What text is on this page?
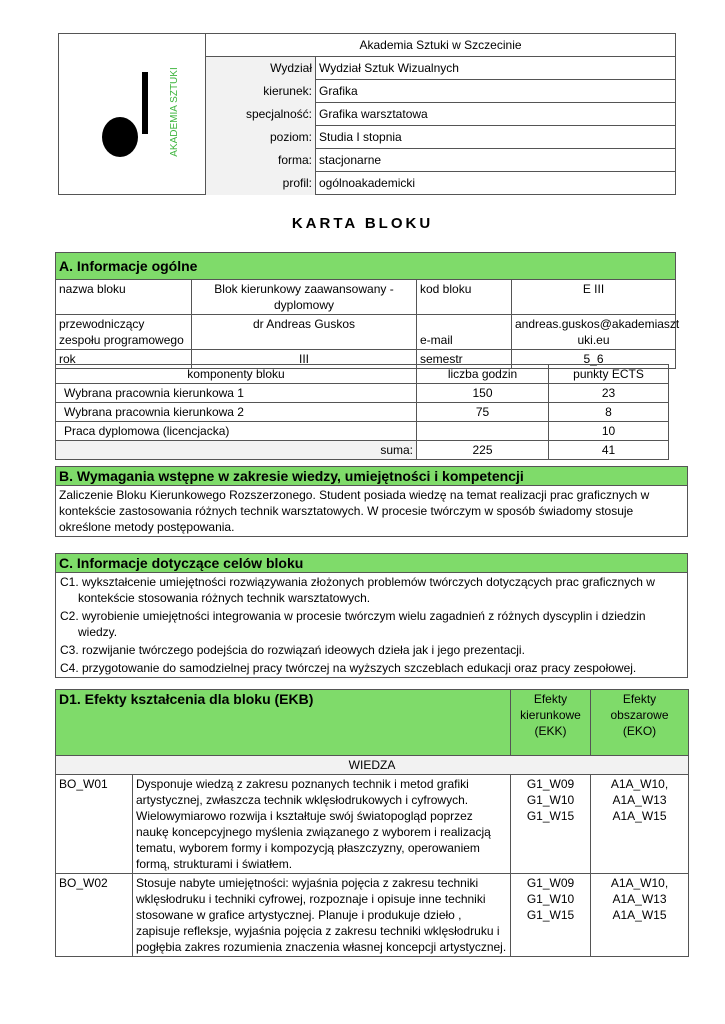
AKADEMIA SZTUKI	Akademia Sztuki w Szczecinie	
	Wydział	Wydział Sztuk Wizualnych
	kierunek:	Grafika
	specjalność:	Grafika warsztatowa
	poziom:	Studia I stopnia
	forma:	stacjonarne
	profil:	ogólnoakademicki
KARTA BLOKU
A. Informacje ogólne			
nazwa bloku	Blok kierunkowy zaawansowany - dyplomowy	kod bloku	E III
przewodniczący zespołu programowego	dr Andreas Guskos	e-mail	andreas.guskos@akademiaszt uki.eu
rok	III	semestr	5_6
komponenty bloku	liczba godzin	punkty ECTS
Wybrana pracownia kierunkowa 1	150	23
Wybrana pracownia kierunkowa 2	75	8
Praca dyplomowa (licencjacka)		10
suma:	225	41
B. Wymagania wstępne w zakresie wiedzy, umiejętności i kompetencji
Zaliczenie Bloku Kierunkowego Rozszerzonego. Student posiada wiedzę na temat realizacji prac graficznych w kontekście zastosowania różnych technik warsztatowych. W procesie twórczym w sposób świadomy stosuje określone metody postępowania.
C. Informacje dotyczące celów bloku

C1. wykształcenie umiejętności rozwiązywania złożonych problemów twórczych dotyczących prac graficznych w kontekście stosowania różnych technik warsztatowych.
C2. wyrobienie umiejętności integrowania w procesie twórczym wielu zagadnień z różnych dyscyplin i dziedzin wiedzy.
C3. rozwijanie twórczego podejścia do rozwiązań ideowych dzieła jak i jego prezentacji.
C4. przygotowanie do samodzielnej pracy twórczej na wyższych szczeblach edukacji oraz pracy zespołowej.
D1. Efekty kształcenia dla bloku (EKB)		Efekty kierunkowe (EKK)	Efekty obszarowe (EKO)
WIEDZA			
BO_W01	Dysponuje wiedzą z zakresu poznanych technik i metod grafiki artystycznej, zwłaszcza technik wklęsłodrukowych i cyfrowych. Wielowymiarowo rozwija i kształtuje swój światopogląd poprzez naukę koncepcyjnego myślenia związanego z wyborem i realizacją tematu, wyborem formy i kompozycją płaszczyzny, operowaniem formą, strukturami i światłem.	G1_W09 G1_W10 G1_W15	A1A_W10, A1A_W13 A1A_W15
BO_W02	Stosuje nabyte umiejętności: wyjaśnia pojęcia z zakresu techniki wklęsłodruku i techniki cyfrowej, rozpoznaje i opisuje inne techniki stosowane w grafice artystycznej. Planuje i produkuje dzieło , zapisuje refleksje, wyjaśnia pojęcia z zakresu techniki wklęsłodruku i pogłębia zakres rozumienia znaczenia własnej koncepcji artystycznej.	G1_W09 G1_W10 G1_W15	A1A_W10, A1A_W13 A1A_W15
